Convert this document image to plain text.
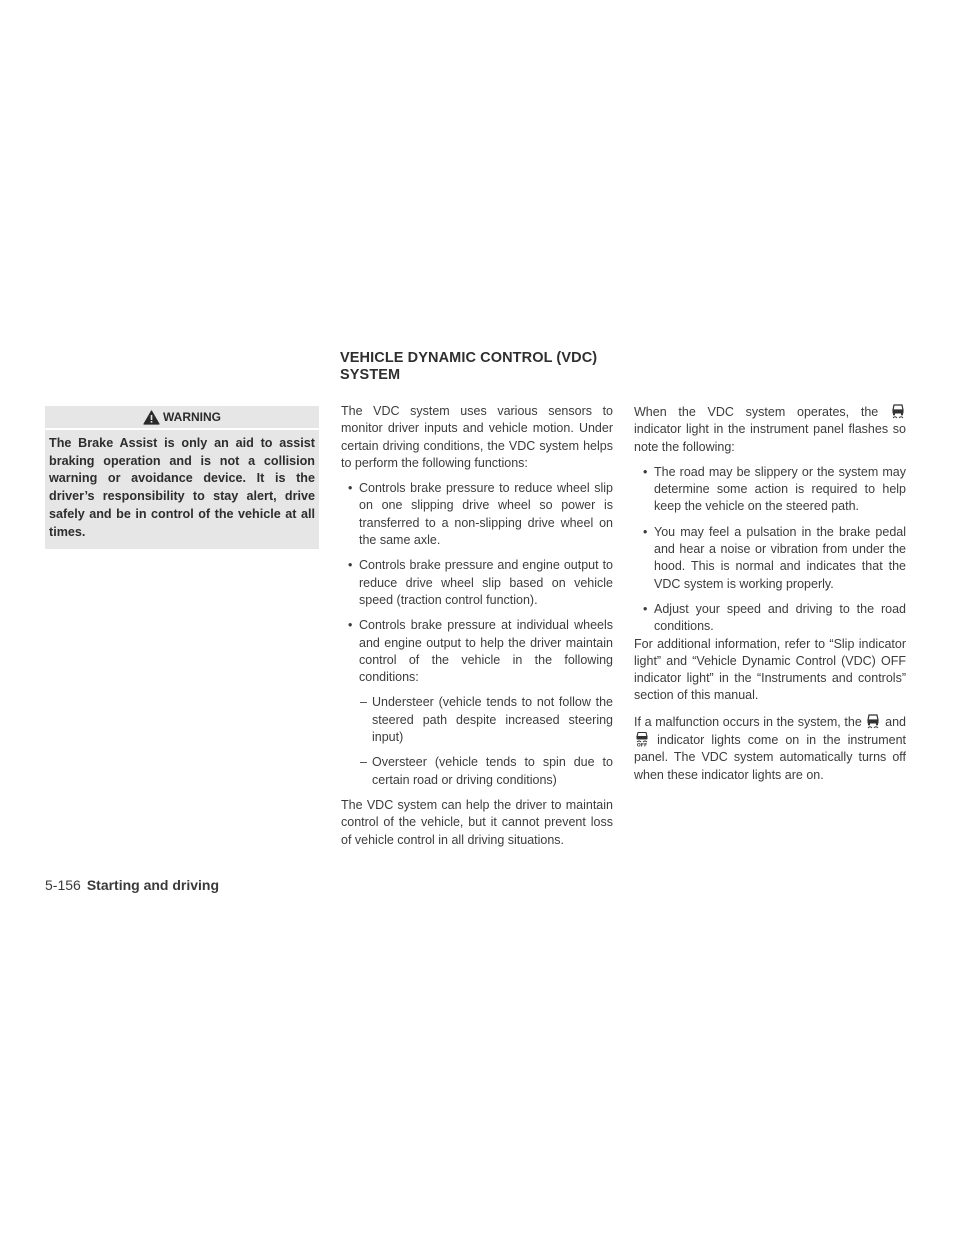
WARNING
The Brake Assist is only an aid to assist braking operation and is not a collision warning or avoidance device. It is the driver’s responsibility to stay alert, drive safely and be in control of the vehicle at all times.
VEHICLE DYNAMIC CONTROL (VDC)
SYSTEM

The VDC system uses various sensors to monitor driver inputs and vehicle motion. Under certain driving conditions, the VDC system helps to perform the following functions:

• Controls brake pressure to reduce wheel slip on one slipping drive wheel so power is transferred to a non-slipping drive wheel on the same axle.
• Controls brake pressure and engine output to reduce drive wheel slip based on vehicle speed (traction control function).
• Controls brake pressure at individual wheels and engine output to help the driver maintain control of the vehicle in the following conditions:
– Understeer (vehicle tends to not follow the steered path despite increased steering input)
– Oversteer (vehicle tends to spin due to certain road or driving conditions)

The VDC system can help the driver to maintain control of the vehicle, but it cannot prevent loss of vehicle control in all driving situations.

When the VDC system operates, the
indicator light in the instrument panel flashes so note the following:

• The road may be slippery or the system may determine some action is required to help keep the vehicle on the steered path.
• You may feel a pulsation in the brake pedal and hear a noise or vibration from under the hood. This is normal and indicates that the VDC system is working properly.
• Adjust your speed and driving to the road conditions.

For additional information, refer to “Slip indicator light” and “Vehicle Dynamic Control (VDC) OFF indicator light” in the “Instruments and controls” section of this manual.

If a malfunction occurs in the system, the and
OFF indicator lights come on in the instrument panel. The VDC system automatically turns off when these indicator lights are on.

5-156 Starting and driving
